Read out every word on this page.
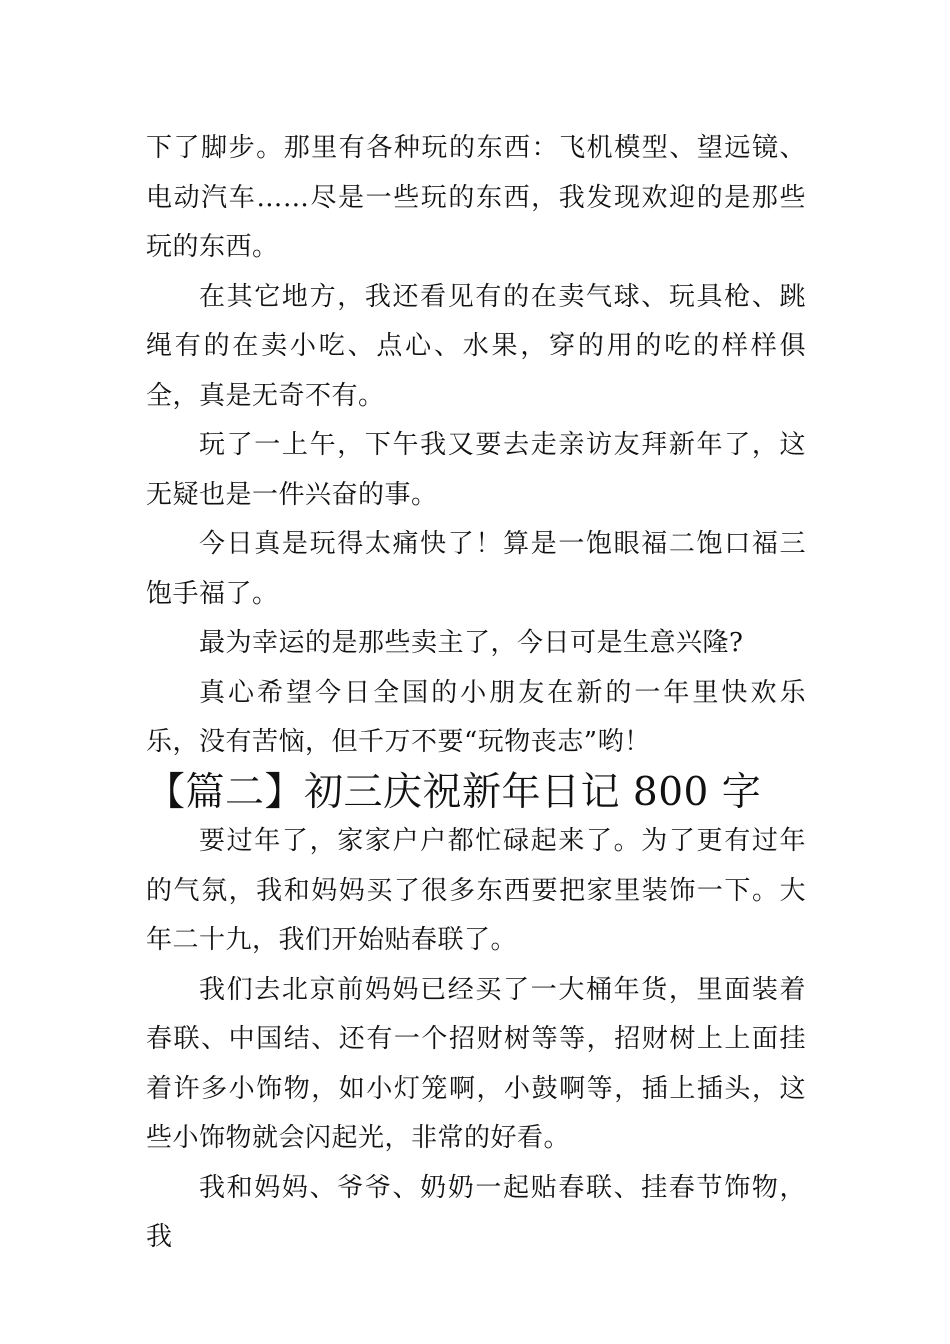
下了脚步。那里有各种玩的东西：飞机模型、望远镜、电动汽车……尽是一些玩的东西，我发现欢迎的是那些玩的东西。

在其它地方，我还看见有的在卖气球、玩具枪、跳绳有的在卖小吃、点心、水果，穿的用的吃的样样俱全，真是无奇不有。

玩了一上午，下午我又要去走亲访友拜新年了，这无疑也是一件兴奋的事。

今日真是玩得太痛快了！算是一饱眼福二饱口福三饱手福了。

最为幸运的是那些卖主了，今日可是生意兴隆?

真心希望今日全国的小朋友在新的一年里快欢乐乐，没有苦恼，但千万不要“玩物丧志”哟！

【篇二】初三庆祝新年日记 800 字

要过年了，家家户户都忙碌起来了。为了更有过年的气氛，我和妈妈买了很多东西要把家里装饰一下。大年二十九，我们开始贴春联了。

我们去北京前妈妈已经买了一大桶年货，里面装着春联、中国结、还有一个招财树等等，招财树上上面挂着许多小饰物，如小灯笼啊，小鼓啊等，插上插头，这些小饰物就会闪起光，非常的好看。

我和妈妈、爷爷、奶奶一起贴春联、挂春节饰物，我
